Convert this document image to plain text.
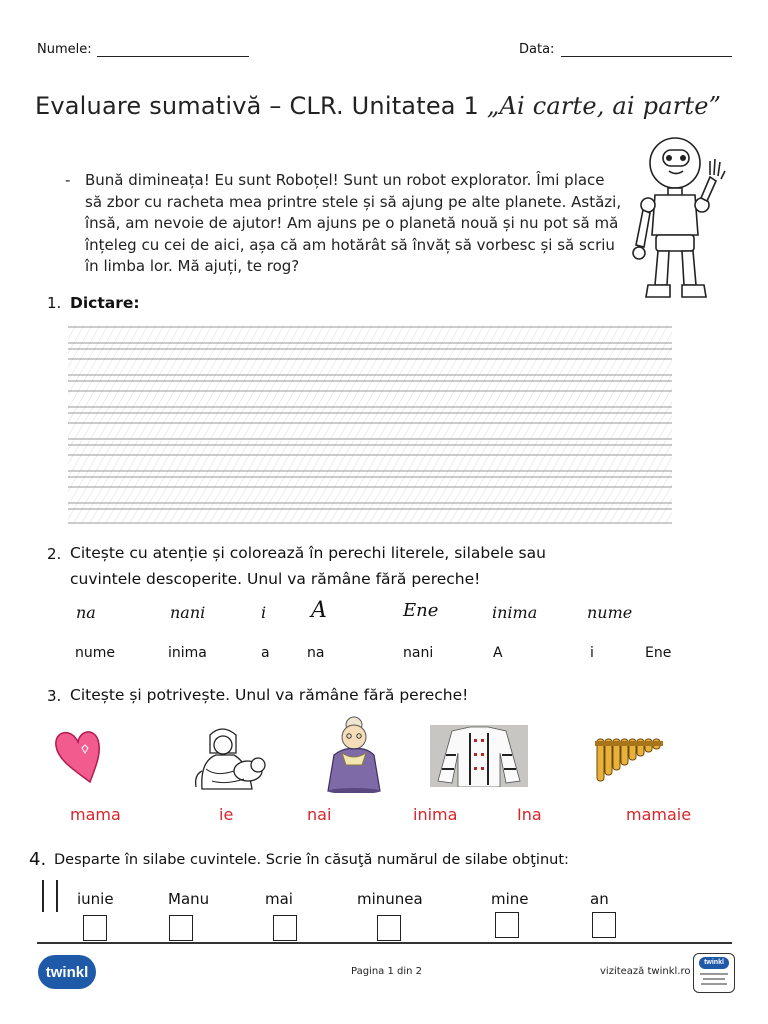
Numele:	Data:
Evaluare sumativă – CLR. Unitatea 1 „Ai carte, ai parte”
- Bună dimineața! Eu sunt Roboțel! Sunt un robot explorator. Îmi place să zbor cu racheta mea printre stele și să ajung pe alte planete. Astăzi, însă, am nevoie de ajutor! Am ajuns pe o planetă nouă și nu pot să mă înțeleg cu cei de aici, așa că am hotărât să învăț să vorbesc și să scriu în limba lor. Mă ajuți, te rog?
1. Dictare:
2. Citește cu atenție și colorează în perechi literele, silabele sau
cuvintele descoperite. Unul va rămâne fără pereche!
na	nani	i A	Ene	inima	nume
nume	inima	a	na	nani	A	i	Ene
3. Citește și potrivește. Unul va rămâne fără pereche!
mama	ie	nai	inima	Ina	mamaie
4. Desparte în silabe cuvintele. Scrie în căsuţă numărul de silabe obţinut:
iunie	Manu	mai	minunea	mine	an
twinkl	Pagina 1 din 2	vizitează twinkl.ro
twinkl
